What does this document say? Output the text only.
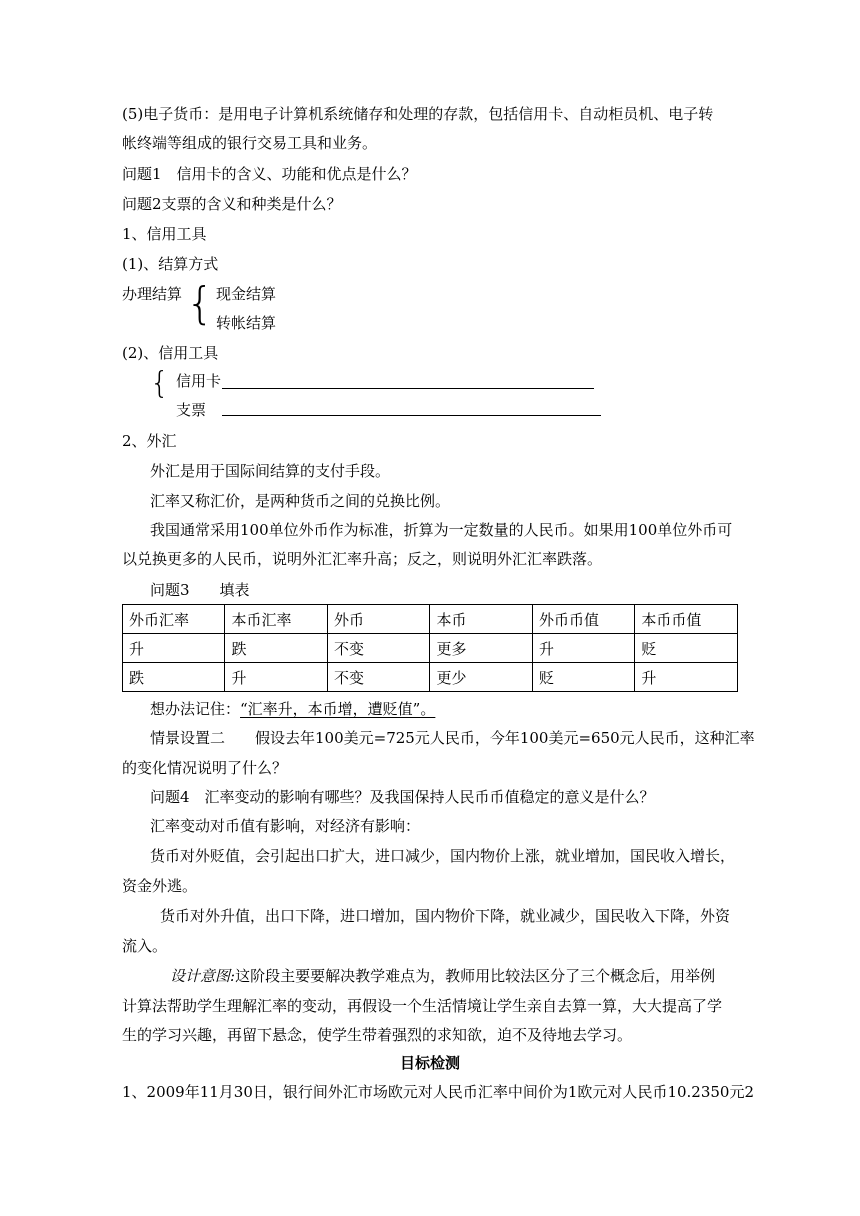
(5)电子货币：是用电子计算机系统储存和处理的存款，包括信用卡、自动柜员机、电子转
帐终端等组成的银行交易工具和业务。
问题1　信用卡的含义、功能和优点是什么？
问题2支票的含义和种类是什么？
1、信用工具
(1)、结算方式
办理结算 { 现金结算
转帐结算
(2)、信用工具
{ 信用卡
支票
2、外汇
外汇是用于国际间结算的支付手段。
汇率又称汇价，是两种货币之间的兑换比例。
我国通常采用100单位外币作为标准，折算为一定数量的人民币。如果用100单位外币可
以兑换更多的人民币，说明外汇汇率升高；反之，则说明外汇汇率跌落。
问题3　　填表
外币汇率	本币汇率	外币	本币	外币币值	本币币值
升	跌	不变	更多	升	贬
跌	升	不变	更少	贬	升
想办法记住：“汇率升，本币增，遭贬值”。
情景设置二　　假设去年100美元=725元人民币，今年100美元=650元人民币，这种汇率
的变化情况说明了什么？
问题4　汇率变动的影响有哪些？及我国保持人民币币值稳定的意义是什么？
汇率变动对币值有影响，对经济有影响：
货币对外贬值，会引起出口扩大，进口减少，国内物价上涨，就业增加，国民收入增长，
资金外逃。
货币对外升值，出口下降，进口增加，国内物价下降，就业减少，国民收入下降，外资
流入。
设计意图:这阶段主要要解决教学难点为，教师用比较法区分了三个概念后，用举例
计算法帮助学生理解汇率的变动，再假设一个生活情境让学生亲自去算一算，大大提高了学
生的学习兴趣，再留下悬念，使学生带着强烈的求知欲，迫不及待地去学习。
目标检测
1、2009年11月30日，银行间外汇市场欧元对人民币汇率中间价为1欧元对人民币10.2350元2
